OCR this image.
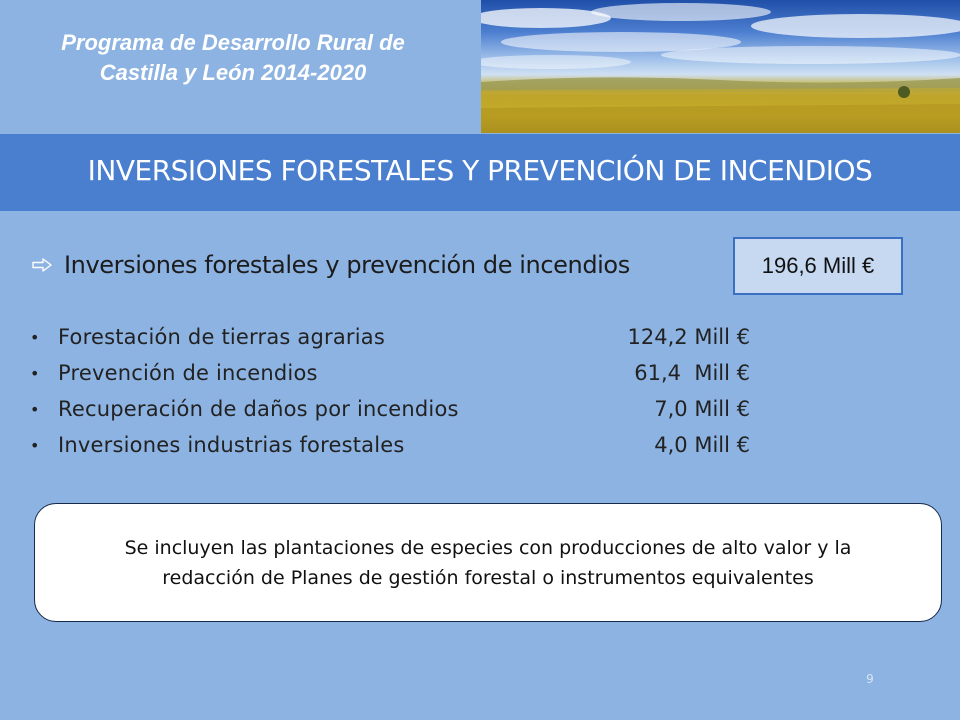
Programa de Desarrollo Rural de
Castilla y León 2014-2020
INVERSIONES FORESTALES Y PREVENCIÓN DE INCENDIOS
Inversiones forestales y prevención de incendios	196,6 Mill €
• Forestación de tierras agrarias	124,2 Mill €
• Prevención de incendios	61,4  Mill €
• Recuperación de daños por incendios	7,0 Mill €
• Inversiones industrias forestales	4,0 Mill €
Se incluyen las plantaciones de especies con producciones de alto valor y la
redacción de Planes de gestión forestal o instrumentos equivalentes
9
